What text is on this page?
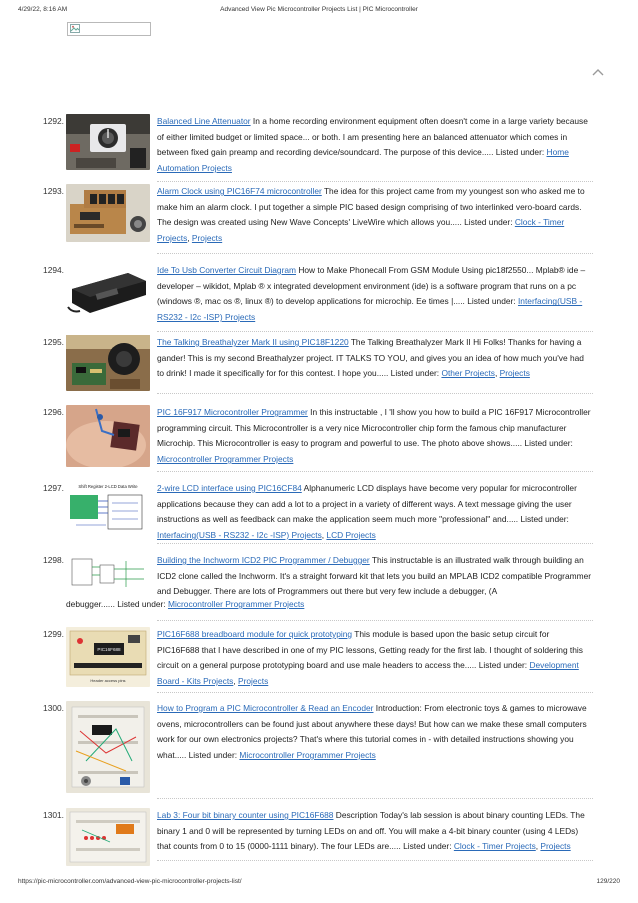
4/29/22, 8:16 AM	Advanced View Pic Microcontroller Projects List | PIC Microcontroller
1292.	Balanced Line Attenuator In a home recording environment equipment often doesn't come in a large variety because of either limited budget or limited space... or both. I am presenting here an balanced attenuator which comes in between fixed gain preamp and recording device/soundcard. The purpose of this device..... Listed under: Home Automation Projects
1293.	Alarm Clock using PIC16F74 microcontroller The idea for this project came from my youngest son who asked me to make him an alarm clock. I put together a simple PIC based design comprising of two interlinked vero-board cards. The design was created using New Wave Concepts' LiveWire which allows you..... Listed under: Clock - Timer Projects, Projects
1294.	Ide To Usb Converter Circuit Diagram How to Make Phonecall From GSM Module Using pic18f2550... Mplab® ide – developer – wikidot, Mplab ® x integrated development environment (ide) is a software program that runs on a pc (windows ®, mac os ®, linux ®) to develop applications for microchip. Ee times |..... Listed under: Interfacing(USB - RS232 - I2c -ISP) Projects
1295.	The Talking Breathalyzer Mark II using PIC18F1220 The Talking Breathalyzer Mark II Hi Folks! Thanks for having a gander! This is my second Breathalyzer project. IT TALKS TO YOU, and gives you an idea of how much you've had to drink! I made it specifically for for this contest. I hope you..... Listed under: Other Projects, Projects
1296.	PIC 16F917 Microcontroller Programmer In this instructable , I 'll show you how to build a PIC 16F917 Microcontroller programming circuit. This Microcontroller is a very nice Microcontroller chip form the famous chip manufacturer Microchip. This Microcontroller is easy to program and powerful to use. The photo above shows..... Listed under: Microcontroller Programmer Projects
1297.	Shift Register 2-LCD Data Write 2-wire LCD interface using PIC16CF84 Alphanumeric LCD displays have become very popular for microcontroller applications because they can add a lot to a project in a variety of different ways. A text message giving the user instructions as well as feedback can make the application seem much more "professional" and..... Listed under: Interfacing(USB - RS232 - I2c -ISP) Projects, LCD Projects
1298.	Building the Inchworm ICD2 PIC Programmer / Debugger This instructable is an illustrated walk through building an ICD2 clone called the Inchworm. It's a straight forward kit that lets you build an MPLAB ICD2 compatible Programmer and Debugger. There are lots of Programmers out there but very few include a debugger, (A
debugger...... Listed under: Microcontroller Programmer Projects
1299.
PIC16F688
Header access pins
PIC16F688 breadboard module for quick prototyping This module is based upon the basic setup circuit for PIC16F688 that I have described in one of my PIC lessons, Getting ready for the first lab. I thought of soldering this circuit on a general purpose prototyping board and use male headers to access the..... Listed under: Development Board - Kits Projects, Projects
1300.	How to Program a PIC Microcontroller & Read an Encoder Introduction: From electronic toys & games to microwave ovens, microcontrollers can be found just about anywhere these days! But how can we make these small computers work for our own electronics projects? That's where this tutorial comes in - with detailed instructions showing you what..... Listed under: Microcontroller Programmer Projects
1301.	Lab 3: Four bit binary counter using PIC16F688 Description Today's lab session is about binary counting LEDs. The binary 1 and 0 will be represented by turning LEDs on and off. You will make a 4-bit binary counter (using 4 LEDs) that counts from 0 to 15 (0000-1111 binary). The four LEDs are..... Listed under: Clock - Timer Projects, Projects
https://pic-microcontroller.com/advanced-view-pic-microcontroller-projects-list/	129/220
